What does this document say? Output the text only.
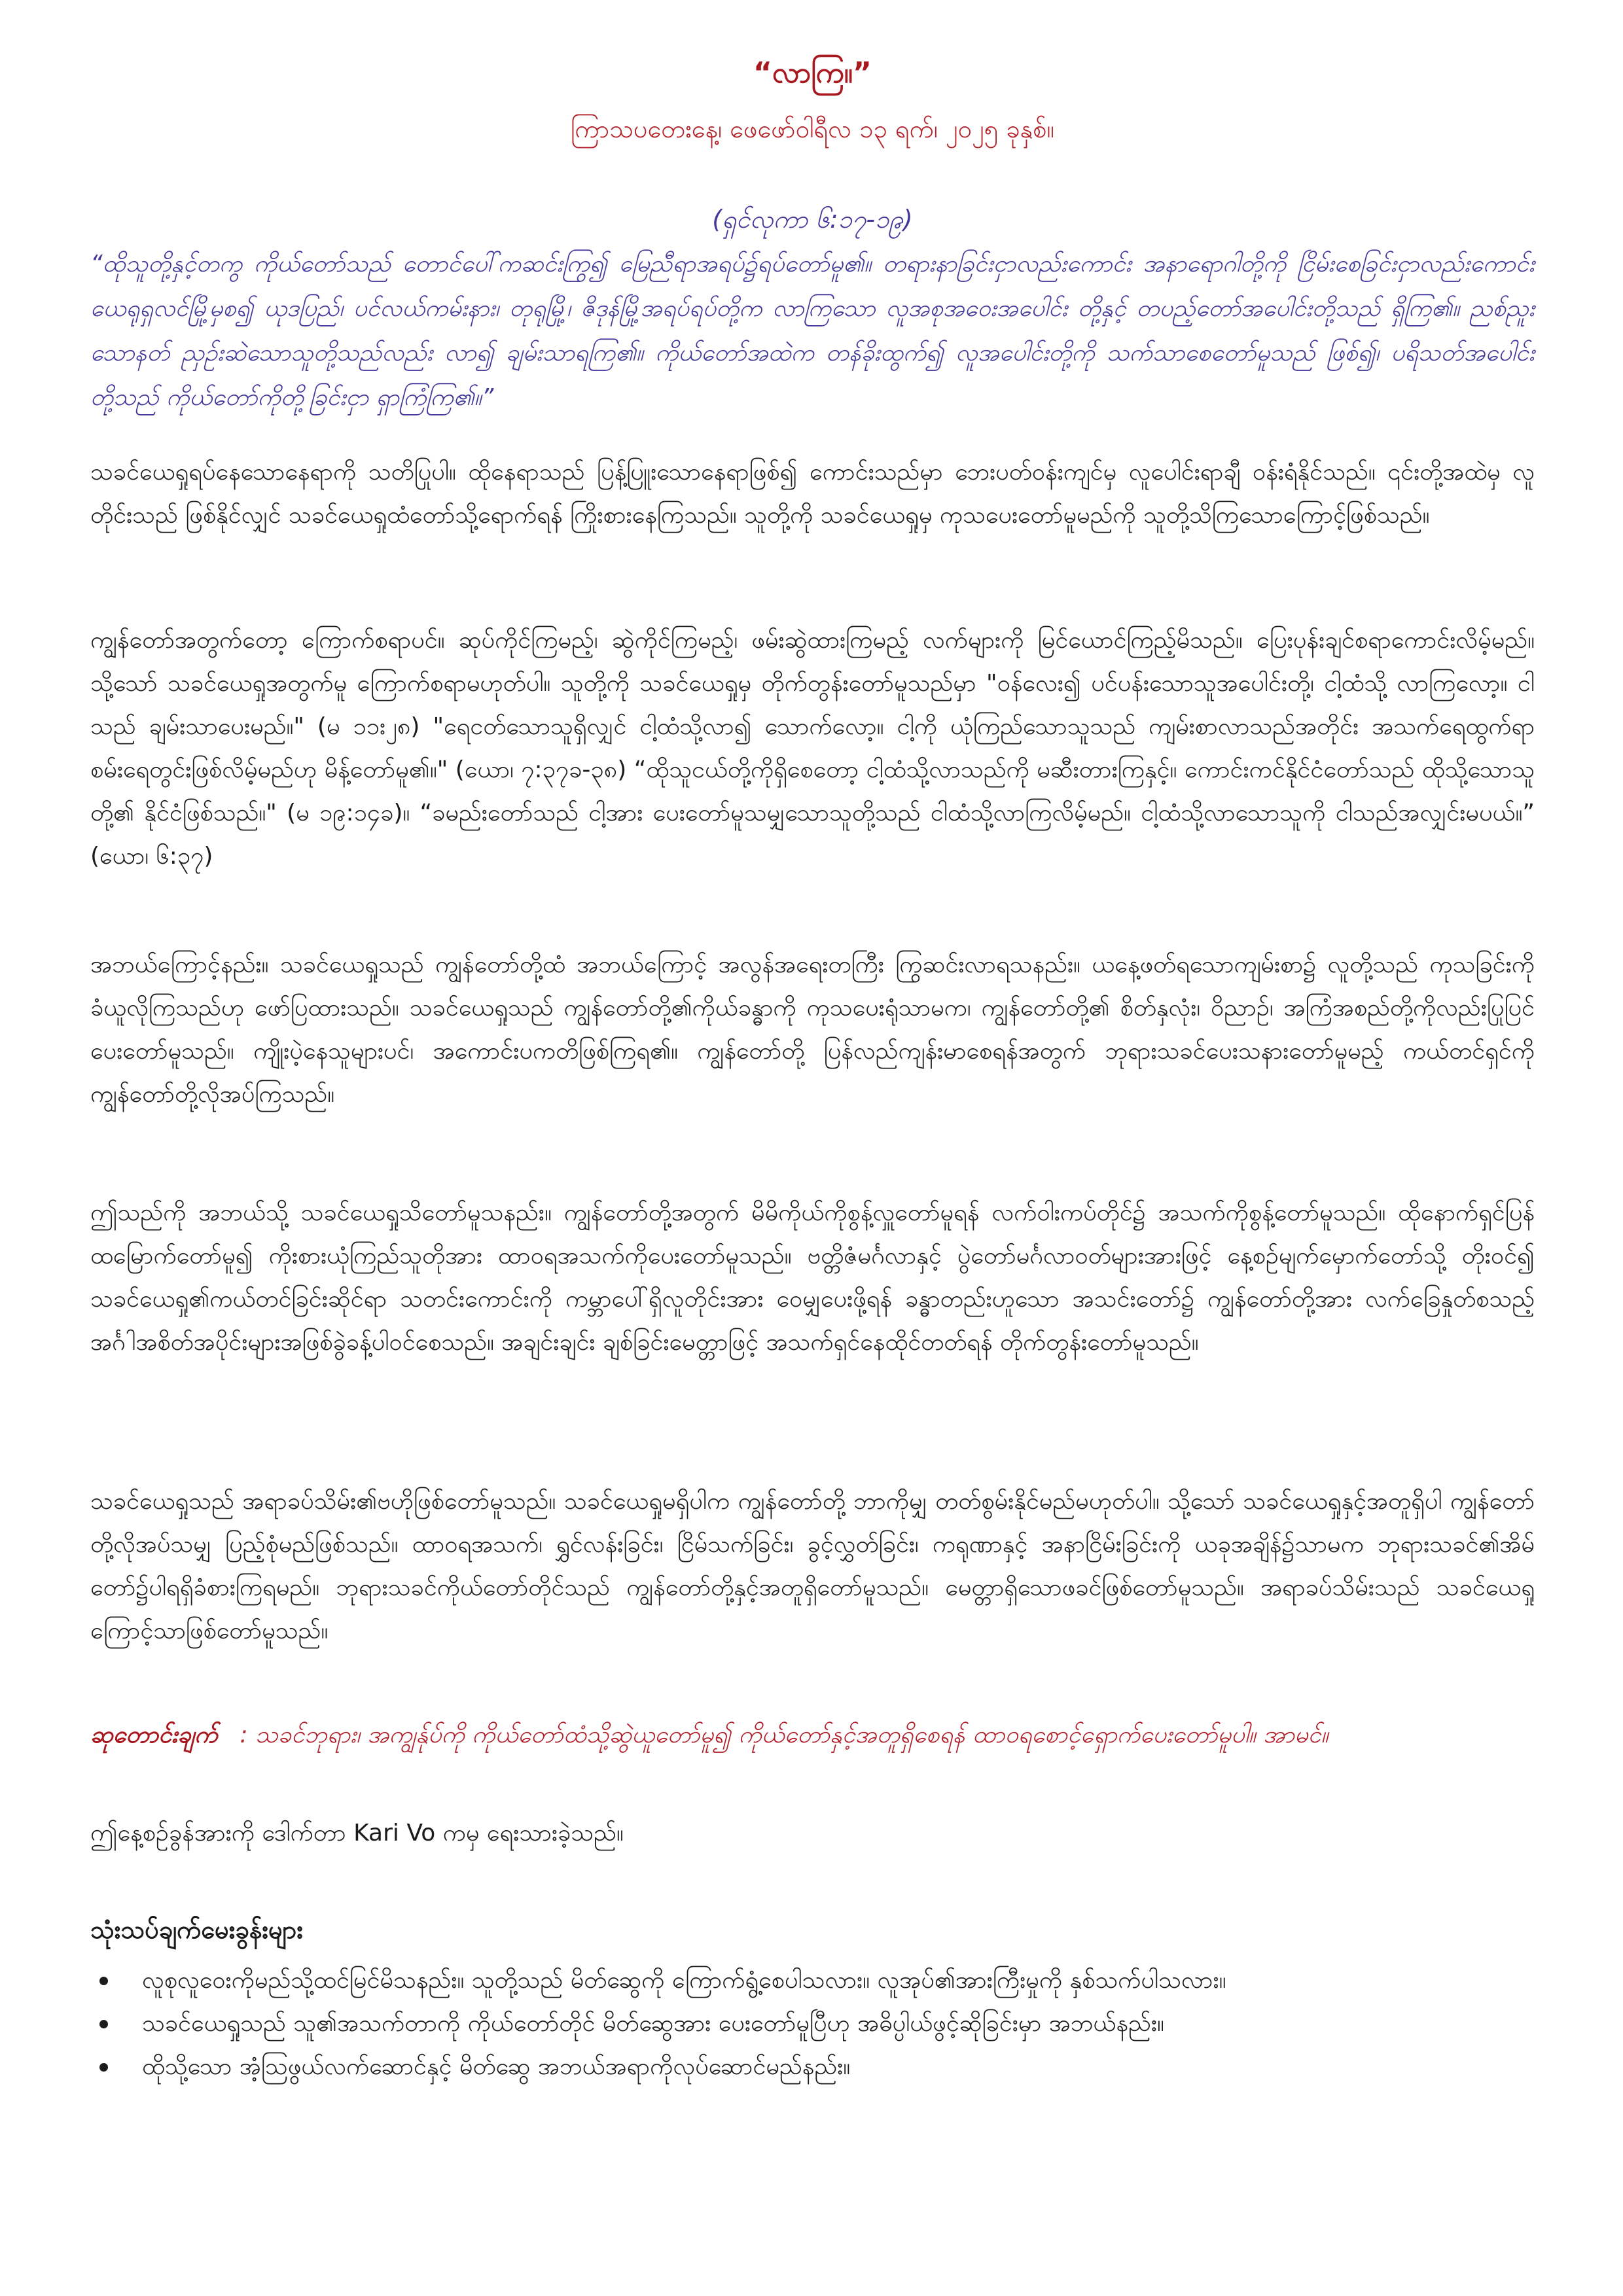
“လာကြ။”
ကြာသပတေးနေ့၊ ဖေဖော်ဝါရီလ ၁၃ ရက်၊ ၂၀၂၅ ခုနှစ်။
(ရှင်လုကာ ၆:၁၇-၁၉)
“ထိုသူတို့နှင့်တကွ ကိုယ်တော်သည် တောင်ပေါ်ကဆင်းကြွ၍ မြေညီရာအရပ်၌ရပ်တော်မူ၏။ တရားနာခြင်းငှာလည်းကောင်း အနာရောဂါတို့ကို ငြိမ်းစေခြင်းငှာလည်းကောင်း ယေရုရှလင်မြို့မှစ၍ ယုဒပြည်၊ ပင်လယ်ကမ်းနား၊ တုရုမြို့၊ ဇိဒုန်မြို့အရပ်ရပ်တို့က လာကြသော လူအစုအဝေးအပေါင်း တို့နှင့် တပည့်တော်အပေါင်းတို့သည် ရှိကြ၏။ ညစ်ညူးသောနတ် ညှဉ်းဆဲသောသူတို့သည်လည်း လာ၍ ချမ်းသာရကြ၏။ ကိုယ်တော်အထဲက တန်ခိုးထွက်၍ လူအပေါင်းတို့ကို သက်သာစေတော်မူသည် ဖြစ်၍၊ ပရိသတ်အပေါင်းတို့သည် ကိုယ်တော်ကိုတို့ခြင်းငှာ ရှာကြံကြ၏။”
သခင်ယေရှုရပ်နေသောနေရာကို သတိပြုပါ။ ထိုနေရာသည် ပြန့်ပြူးသောနေရာဖြစ်၍ ကောင်းသည်မှာ ဘေးပတ်ဝန်းကျင်မှ လူပေါင်းရာချီ ဝန်းရံနိုင်သည်။ ၎င်းတို့အထဲမှ လူတိုင်းသည် ဖြစ်နိုင်လျှင် သခင်ယေရှုထံတော်သို့ရောက်ရန် ကြိုးစားနေကြသည်။ သူတို့ကို သခင်ယေရှုမှ ကုသပေးတော်မူမည်ကို သူတို့သိကြသောကြောင့်ဖြစ်သည်။
ကျွန်တော်အတွက်တော့ ကြောက်စရာပင်။ ဆုပ်ကိုင်ကြမည့်၊ ဆွဲကိုင်ကြမည့်၊ ဖမ်းဆွဲထားကြမည့် လက်များကို မြင်ယောင်ကြည့်မိသည်။ ပြေးပုန်းချင်စရာကောင်းလိမ့်မည်။ သို့သော် သခင်ယေရှုအတွက်မူ ကြောက်စရာမဟုတ်ပါ။ သူတို့ကို သခင်ယေရှုမှ တိုက်တွန်းတော်မူသည်မှာ "ဝန်လေး၍ ပင်ပန်းသောသူအပေါင်းတို့၊ ငါ့ထံသို့ လာကြလော့။ ငါသည် ချမ်းသာပေးမည်။" (မ ၁၁း၂၈) "ရေငတ်သောသူရှိလျှင် ငါ့ထံသို့လာ၍ သောက်လော့။ ငါ့ကို ယုံကြည်သောသူသည် ကျမ်းစာလာသည်အတိုင်း အသက်ရေထွက်ရာ စမ်းရေတွင်းဖြစ်လိမ့်မည်ဟု မိန့်တော်မူ၏။" (ယော၊ ၇:၃၇ခ-၃၈) “ထိုသူငယ်တို့ကိုရှိစေတော့ ငါ့ထံသို့လာသည်ကို မဆီးတားကြနှင့်။ ကောင်းကင်နိုင်ငံတော်သည် ထိုသို့သောသူတို့၏ နိုင်ငံဖြစ်သည်။" (မ ၁၉:၁၄ခ)။ “ခမည်းတော်သည် ငါ့အား ပေးတော်မူသမျှသောသူတို့သည် ငါထံသို့လာကြလိမ့်မည်။ ငါ့ထံသို့လာသောသူကို ငါသည်အလျှင်းမပယ်။” (ယော၊ ၆:၃၇)
အဘယ်ကြောင့်နည်း။ သခင်ယေရှုသည် ကျွန်တော်တို့ထံ အဘယ်ကြောင့် အလွန်အရေးတကြီး ကြွဆင်းလာရသနည်း။ ယနေ့ဖတ်ရသောကျမ်းစာ၌ လူတို့သည် ကုသခြင်းကိုခံယူလိုကြသည်ဟု ဖော်ပြထားသည်။ သခင်ယေရှုသည် ကျွန်တော်တို့၏ကိုယ်ခန္ဓာကို ကုသပေးရုံသာမက၊ ကျွန်တော်တို့၏ စိတ်နှလုံး၊ ဝိညာဉ်၊ အကြံအစည်တို့ကိုလည်းပြုပြင်ပေးတော်မူသည်။ ကျိုးပဲ့နေသူများပင်၊ အကောင်းပကတိဖြစ်ကြရ၏။ ကျွန်တော်တို့ ပြန်လည်ကျန်းမာစေရန်အတွက် ဘုရားသခင်ပေးသနားတော်မူမည့် ကယ်တင်ရှင်ကို ကျွန်တော်တို့လိုအပ်ကြသည်။
ဤသည်ကို အဘယ်သို့ သခင်ယေရှုသိတော်မူသနည်း။ ကျွန်တော်တို့အတွက် မိမိကိုယ်ကိုစွန့်လှူတော်မူရန် လက်ဝါးကပ်တိုင်၌ အသက်ကိုစွန့်တော်မူသည်။ ထိုနောက်ရှင်ပြန်ထမြောက်တော်မူ၍ ကိုးစားယုံကြည်သူတိုအား ထာဝရအသက်ကိုပေးတော်မူသည်။ ဗတ္တိဇံမင်္ဂလာနှင့် ပွဲတော်မင်္ဂလာဝတ်များအားဖြင့် နေ့စဉ်မျက်မှောက်တော်သို့ တိုးဝင်၍ သခင်ယေရှု၏ကယ်တင်ခြင်းဆိုင်ရာ သတင်းကောင်းကို ကမ္ဘာပေါ်ရှိလူတိုင်းအား ဝေမျှပေးဖို့ရန် ခန္ဓာတည်းဟူသော အသင်းတော်၌ ကျွန်တော်တို့အား လက်ခြေနှုတ်စသည့် အင်္ဂါအစိတ်အပိုင်းများအဖြစ်ခွဲခန့်ပါဝင်စေသည်။ အချင်းချင်း ချစ်ခြင်းမေတ္တာဖြင့် အသက်ရှင်နေထိုင်တတ်ရန် တိုက်တွန်းတော်မူသည်။
သခင်ယေရှုသည် အရာခပ်သိမ်း၏ဗဟိုဖြစ်တော်မူသည်။ သခင်ယေရှုမရှိပါက ကျွန်တော်တို့ ဘာကိုမျှ တတ်စွမ်းနိုင်မည်မဟုတ်ပါ။ သို့သော် သခင်ယေရှုနှင့်အတူရှိပါ ကျွန်တော်တို့လိုအပ်သမျှ ပြည့်စုံမည်ဖြစ်သည်။ ထာဝရအသက်၊ ရွှင်လန်းခြင်း၊ ငြိမ်သက်ခြင်း၊ ခွင့်လွှတ်ခြင်း၊ ကရုဏာနှင့် အနာငြိမ်းခြင်းကို ယခုအချိန်၌သာမက ဘုရားသခင်၏အိမ်တော်၌ပါရရှိခံစားကြရမည်။ ဘုရားသခင်ကိုယ်တော်တိုင်သည် ကျွန်တော်တို့နှင့်အတူရှိတော်မူသည်။ မေတ္တာရှိသောဖခင်ဖြစ်တော်မူသည်။ အရာခပ်သိမ်းသည် သခင်ယေရှုကြောင့်သာဖြစ်တော်မူသည်။
ဆုတောင်းချက် : သခင်ဘုရား၊ အကျွန်ုပ်ကို ကိုယ်တော်ထံသို့ဆွဲယူတော်မူ၍ ကိုယ်တော်နှင့်အတူရှိစေရန် ထာဝရစောင့်ရှောက်ပေးတော်မူပါ။ အာမင်။
ဤနေ့စဉ်ခွန်အားကို ဒေါက်တာ Kari Vo ကမှ ရေးသားခဲ့သည်။
သုံးသပ်ချက်မေးခွန်းများ
လူစုလူဝေးကိုမည်သို့ထင်မြင်မိသနည်း။ သူတို့သည် မိတ်ဆွေကို ကြောက်ရွံ့စေပါသလား။ လူအုပ်၏အားကြီးမှုကို နှစ်သက်ပါသလား။
သခင်ယေရှုသည် သူ၏အသက်တာကို ကိုယ်တော်တိုင် မိတ်ဆွေအား ပေးတော်မူပြီဟု အဓိပ္ပါယ်ဖွင့်ဆိုခြင်းမှာ အဘယ်နည်း။
ထိုသို့သော အံ့သြဖွယ်လက်ဆောင်နှင့် မိတ်ဆွေ အဘယ်အရာကိုလုပ်ဆောင်မည်နည်း။
